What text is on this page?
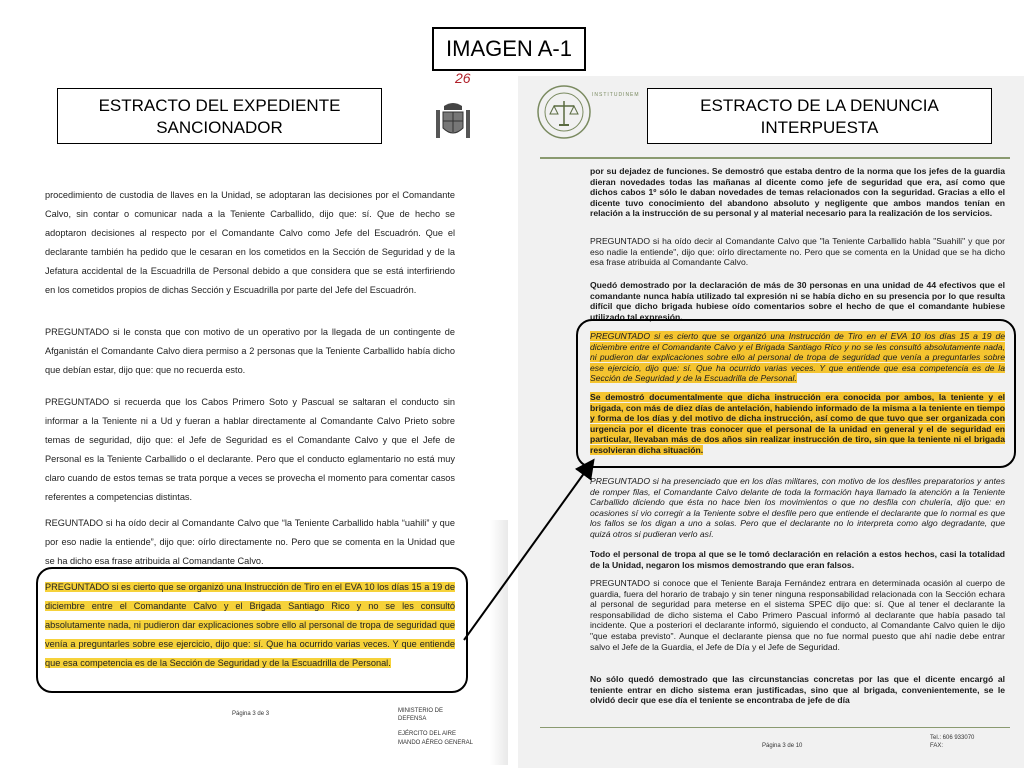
IMAGEN A-1
ESTRACTO DEL EXPEDIENTE
SANCIONADOR
26
procedimiento de custodia de llaves en la Unidad, se adoptaran las decisiones por el Comandante Calvo, sin contar o comunicar nada a la Teniente Carballido, dijo que: sí. Que de hecho se adoptaron decisiones al respecto por el Comandante Calvo como Jefe del Escuadrón. Que el declarante también ha pedido que le cesaran en los cometidos en la Sección de Seguridad y de la Jefatura accidental de la Escuadrilla de Personal debido a que considera que se está interfiriendo en los cometidos propios de dichas Sección y Escuadrilla por parte del Jefe del Escuadrón.
PREGUNTADO si le consta que con motivo de un operativo por la llegada de un contingente de Afganistán el Comandante Calvo diera permiso a 2 personas que la Teniente Carballido había dicho que debían estar, dijo que: que no recuerda esto.
PREGUNTADO si recuerda que los Cabos Primero Soto y Pascual se saltaran el conducto sin informar a la Teniente ni a Ud y fueran a hablar directamente al Comandante Calvo Prieto sobre temas de seguridad, dijo que: el Jefe de Seguridad es el Comandante Calvo y que el Jefe de Personal es la Teniente Carballido o el declarante. Pero que el conducto eglamentario no está muy claro cuando de estos temas se trata porque a veces se provecha el momento para comentar casos referentes a competencias distintas.
REGUNTADO si ha oído decir al Comandante Calvo que “la Teniente Carballido habla “uahili” y que por eso nadie la entiende”, dijo que: oírlo directamente no. Pero que se comenta en la Unidad que se ha dicho esa frase atribuida al Comandante Calvo.
PREGUNTADO si es cierto que se organizó una Instrucción de Tiro en el EVA 10 los días 15 a 19 de diciembre entre el Comandante Calvo y el Brigada Santiago Rico y no se les consultó absolutamente nada, ni pudieron dar explicaciones sobre ello al personal de tropa de seguridad que venía a preguntarles sobre ese ejercicio, dijo que: sí. Que ha ocurrido varias veces. Y que entiende que esa competencia es de la Sección de Seguridad y de la Escuadrilla de Personal.
Página 3 de 3	MINISTERIO DE DEFENSA
EJÉRCITO DEL AIRE
MANDO AÉREO GENERAL
INSTITUDINEM
ESTRACTO DE LA DENUNCIA
INTERPUESTA
por su dejadez de funciones. Se demostró que estaba dentro de la norma que los jefes de la guardia dieran novedades todas las mañanas al dicente como jefe de seguridad que era, así como que dichos cabos 1º sólo le daban novedades de temas relacionados con la seguridad. Gracias a ello el dicente tuvo conocimiento del abandono absoluto y negligente que ambos mandos tenían en relación a la instrucción de su personal y al material necesario para la realización de los servicios.
PREGUNTADO si ha oído decir al Comandante Calvo que "la Teniente Carballido habla "Suahili" y que por eso nadie la entiende", dijo que: oírlo directamente no. Pero que se comenta en la Unidad que se ha dicho esa frase atribuida al Comandante Calvo.
Quedó demostrado por la declaración de más de 30 personas en una unidad de 44 efectivos que el comandante nunca había utilizado tal expresión ni se había dicho en su presencia por lo que resulta difícil que dicho brigada hubiese oído comentarios sobre el hecho de que el comandante hubiese utilizado tal expresión.
PREGUNTADO si es cierto que se organizó una Instrucción de Tiro en el EVA 10 los días 15 a 19 de diciembre entre el Comandante Calvo y el Brigada Santiago Rico y no se les consultó absolutamente nada, ni pudieron dar explicaciones sobre ello al personal de tropa de seguridad que venía a preguntarles sobre ese ejercicio, dijo que: sí. Que ha ocurrido varias veces. Y que entiende que esa competencia es de la Sección de Seguridad y de la Escuadrilla de Personal.
Se demostró documentalmente que dicha instrucción era conocida por ambos, la teniente y el brigada, con más de diez días de antelación, habiendo informado de la misma a la teniente en tiempo y forma de los días y del motivo de dicha instrucción, así como de que tuvo que ser organizada con urgencia por el dicente tras conocer que el personal de la unidad en general y el de seguridad en particular, llevaban más de dos años sin realizar instrucción de tiro, sin que la teniente ni el brigada resolvieran dicha situación.
PREGUNTADO si ha presenciado que en los días militares, con motivo de los desfiles preparatorios y antes de romper filas, el Comandante Calvo delante de toda la formación haya llamado la atención a la Teniente Carballido diciendo que ésta no hace bien los movimientos o que no desfila con chulería, dijo que: en ocasiones sí vio corregir a la Teniente sobre el desfile pero que entiende el declarante que lo normal es que los fallos se los digan a uno a solas. Pero que el declarante no lo interpreta como algo degradante, que quizá otros si pudieran verlo así.
Todo el personal de tropa al que se le tomó declaración en relación a estos hechos, casi la totalidad de la Unidad, negaron los mismos demostrando que eran falsos.
PREGUNTADO si conoce que el Teniente Baraja Fernández entrara en determinada ocasión al cuerpo de guardia, fuera del horario de trabajo y sin tener ninguna responsabilidad relacionada con la Sección echara al personal de seguridad para meterse en el sistema SPEC dijo que: sí. Que al tener el declarante la responsabilidad de dicho sistema el Cabo Primero Pascual informó al declarante que había pasado tal incidente. Que a posteriori el declarante informó, siguiendo el conducto, al Comandante Calvo quien le dijo "que estaba previsto". Aunque el declarante piensa que no fue normal puesto que ahí nadie debe entrar salvo el Jefe de la Guardia, el Jefe de Día y el Jefe de Seguridad.
No sólo quedó demostrado que las circunstancias concretas por las que el dicente encargó al teniente entrar en dicho sistema eran justificadas, sino que al brigada, convenientemente, se le olvidó decir que ese día el teniente se encontraba de jefe de día
Página 3 de 10
Tel.: 606 933070
FAX:
